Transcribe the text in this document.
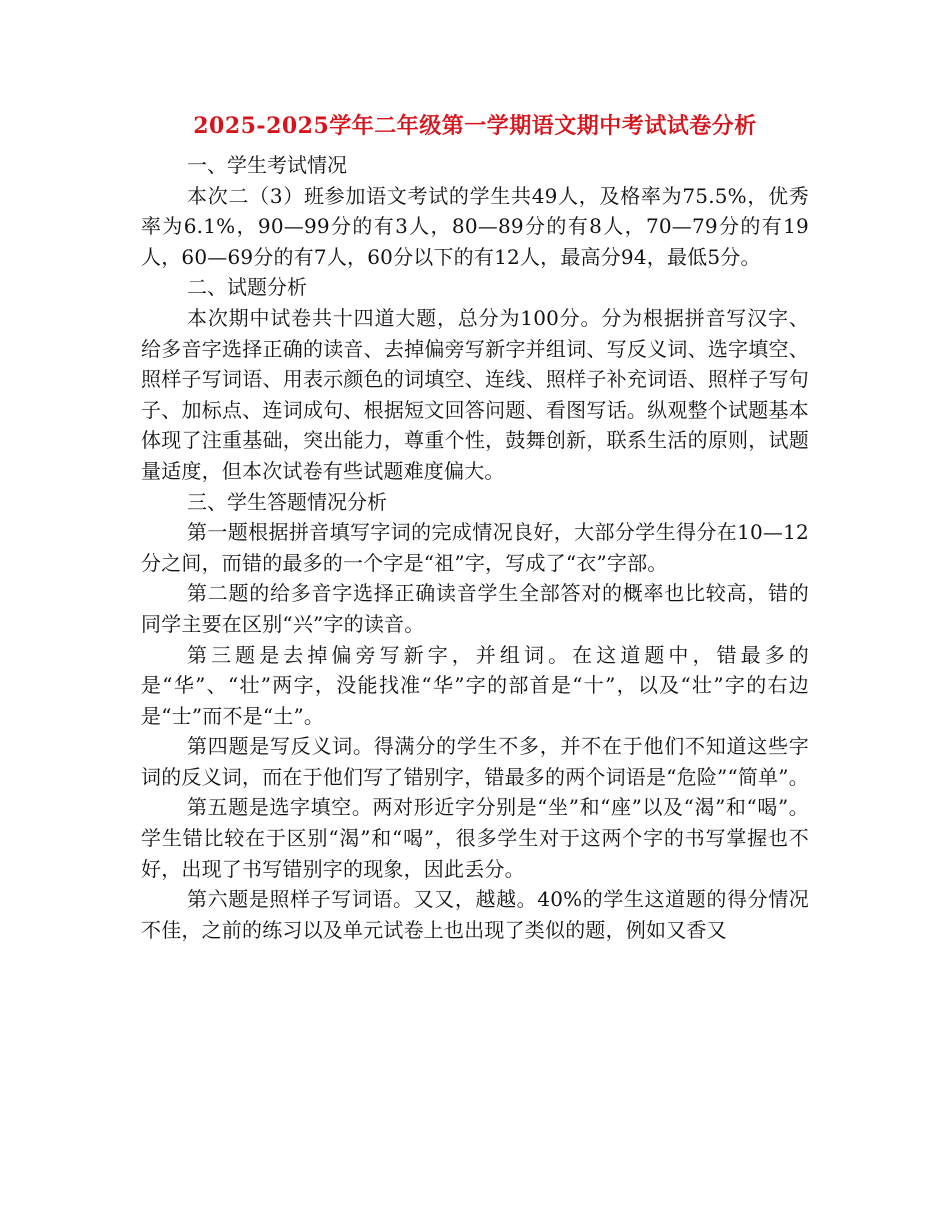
2025-2025学年二年级第一学期语文期中考试试卷分析
一、学生考试情况

本次二（3）班参加语文考试的学生共49人，及格率为75.5%，优秀率为6.1%，90—99分的有3人，80—89分的有8人，70—79分的有19人，60—69分的有7人，60分以下的有12人，最高分94，最低5分。

二、试题分析

本次期中试卷共十四道大题，总分为100分。分为根据拼音写汉字、给多音字选择正确的读音、去掉偏旁写新字并组词、写反义词、选字填空、照样子写词语、用表示颜色的词填空、连线、照样子补充词语、照样子写句子、加标点、连词成句、根据短文回答问题、看图写话。纵观整个试题基本体现了注重基础，突出能力，尊重个性，鼓舞创新，联系生活的原则，试题量适度，但本次试卷有些试题难度偏大。

三、学生答题情况分析

第一题根据拼音填写字词的完成情况良好，大部分学生得分在10—12分之间，而错的最多的一个字是“祖”字，写成了“衣”字部。

第二题的给多音字选择正确读音学生全部答对的概率也比较高，错的同学主要在区别“兴”字的读音。

第三题是去掉偏旁写新字，并组词。在这道题中，错最多的是“华”、“壮”两字，没能找准“华”字的部首是“十”，以及“壮”字的右边是“士”而不是“土”。

第四题是写反义词。得满分的学生不多，并不在于他们不知道这些字词的反义词，而在于他们写了错别字，错最多的两个词语是“危险”“简单”。

第五题是选字填空。两对形近字分别是“坐”和“座”以及“渴”和“喝”。学生错比较在于区别“渴”和“喝”，很多学生对于这两个字的书写掌握也不好，出现了书写错别字的现象，因此丢分。

第六题是照样子写词语。又又，越越。40%的学生这道题的得分情况不佳，之前的练习以及单元试卷上也出现了类似的题，例如又香又
